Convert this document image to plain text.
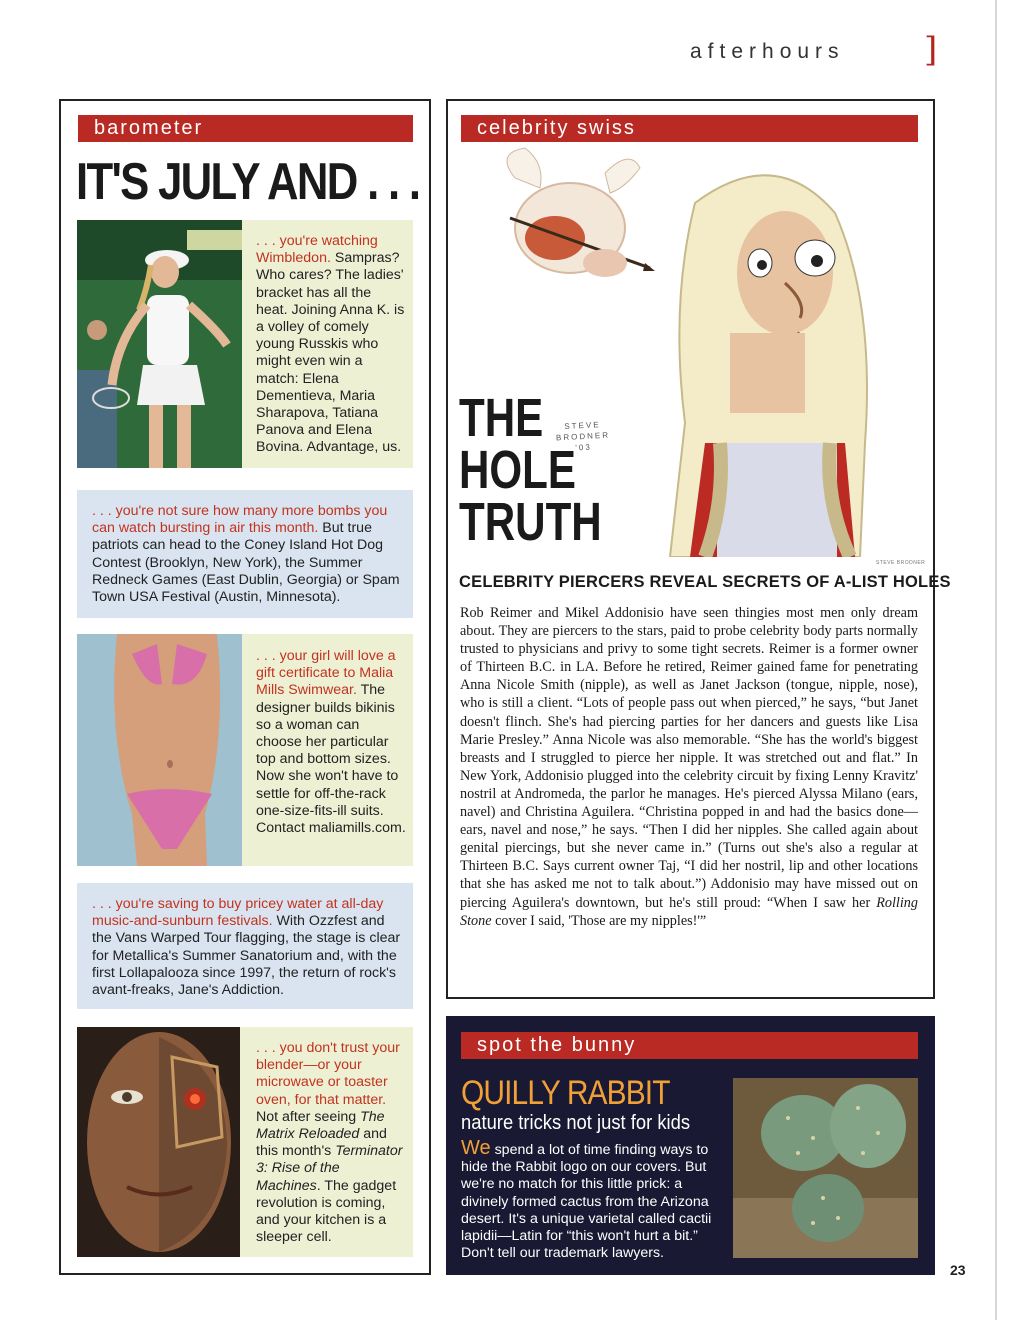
afterhours ]
barometer
IT'S JULY AND . . .
. . . you're watching Wimbledon. Sampras? Who cares? The ladies' bracket has all the heat. Joining Anna K. is a volley of comely young Russkis who might even win a match: Elena Dementieva, Maria Sharapova, Tatiana Panova and Elena Bovina. Advantage, us.
. . . you're not sure how many more bombs you can watch bursting in air this month. But true patriots can head to the Coney Island Hot Dog Contest (Brooklyn, New York), the Summer Redneck Games (East Dublin, Georgia) or Spam Town USA Festival (Austin, Minnesota).
. . . your girl will love a gift certificate to Malia Mills Swimwear. The designer builds bikinis so a woman can choose her particular top and bottom sizes. Now she won't have to settle for off-the-rack one-size-fits-ill suits. Contact maliamills.com.
. . . you're saving to buy pricey water at all-day music-and-sunburn festivals. With Ozzfest and the Vans Warped Tour flagging, the stage is clear for Metallica's Summer Sanatorium and, with the first Lollapalooza since 1997, the return of rock's avant-freaks, Jane's Addiction.
. . . you don't trust your blender—or your microwave or toaster oven, for that matter. Not after seeing The Matrix Reloaded and this month's Terminator 3: Rise of the Machines. The gadget revolution is coming, and your kitchen is a sleeper cell.
celebrity swiss
THE
HOLE
TRUTH
STEVE
BRODNER
'03
STEVE BRODNER
CELEBRITY PIERCERS REVEAL SECRETS OF A-LIST HOLES
Rob Reimer and Mikel Addonisio have seen thingies most men only dream about. They are piercers to the stars, paid to probe celebrity body parts normally trusted to physicians and privy to some tight secrets. Reimer is a former owner of Thirteen B.C. in LA. Before he retired, Reimer gained fame for penetrating Anna Nicole Smith (nipple), as well as Janet Jackson (tongue, nipple, nose), who is still a client. “Lots of people pass out when pierced,” he says, “but Janet doesn't flinch. She's had piercing parties for her dancers and guests like Lisa Marie Presley.” Anna Nicole was also memorable. “She has the world's biggest breasts and I struggled to pierce her nipple. It was stretched out and flat.” In New York, Addonisio plugged into the celebrity circuit by fixing Lenny Kravitz' nostril at Andromeda, the parlor he manages. He's pierced Alyssa Milano (ears, navel) and Christina Aguilera. “Christina popped in and had the basics done—ears, navel and nose,” he says. “Then I did her nipples. She called again about genital piercings, but she never came in.” (Turns out she's also a regular at Thirteen B.C. Says current owner Taj, “I did her nostril, lip and other locations that she has asked me not to talk about.”) Addonisio may have missed out on piercing Aguilera's downtown, but he's still proud: “When I saw her Rolling Stone cover I said, 'Those are my nipples!'”
spot the bunny
QUILLY RABBIT
nature tricks not just for kids
We spend a lot of time finding ways to hide the Rabbit logo on our covers. But we're no match for this little prick: a divinely formed cactus from the Arizona desert. It's a unique varietal called cactii lapidii—Latin for “this won't hurt a bit.” Don't tell our trademark lawyers.
23
